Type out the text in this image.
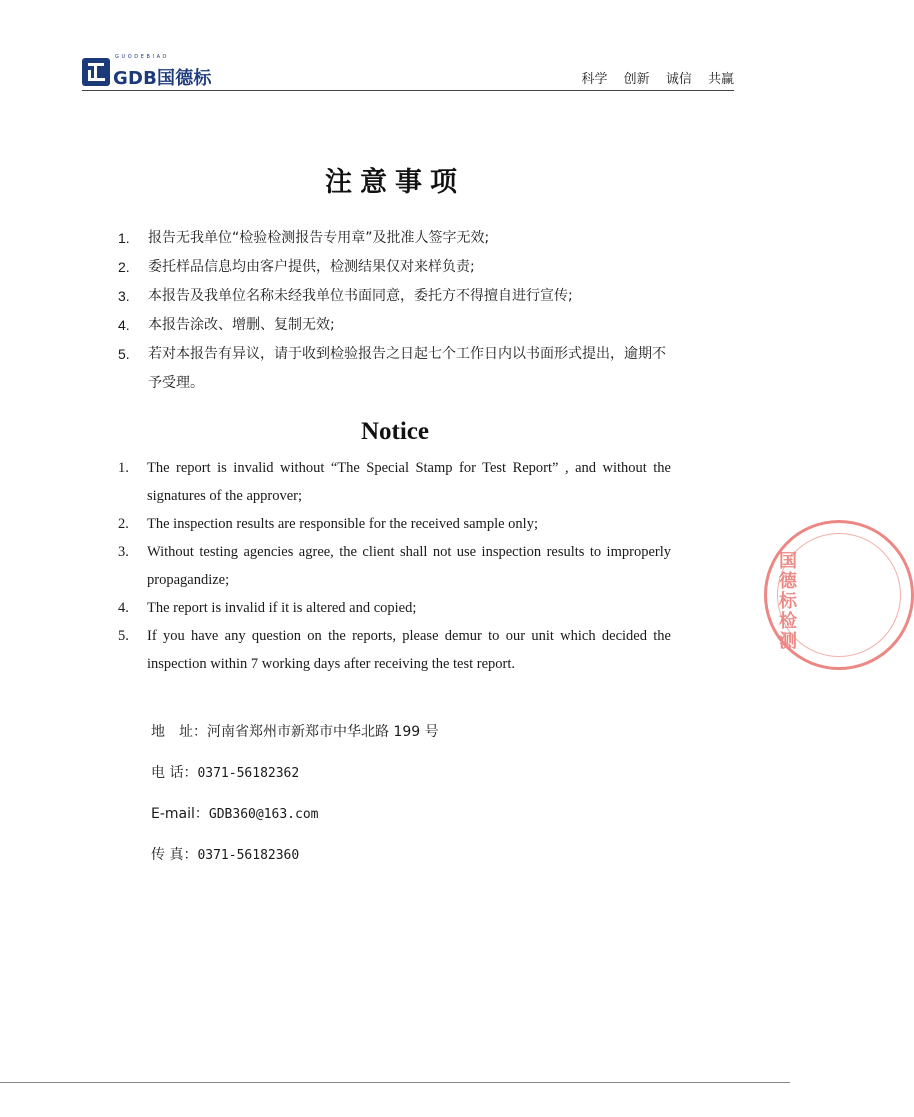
GUODEBIAO
GDB国德标	科学 创新 诚信 共赢
注意事项
1.	报告无我单位“检验检测报告专用章”及批准人签字无效;
2.	委托样品信息均由客户提供，检测结果仅对来样负责;
3.	本报告及我单位名称未经我单位书面同意，委托方不得擅自进行宣传;
4.	本报告涂改、增删、复制无效;
5.	若对本报告有异议，请于收到检验报告之日起七个工作日内以书面形式提出，逾期不予受理。
Notice
1.	The report is invalid without “The Special Stamp for Test Report” , and without the signatures of the approver;
2.	The inspection results are responsible for the received sample only;
3.	Without testing agencies agree, the client shall not use inspection results to improperly propagandize;
4.	The report is invalid if it is altered and copied;
5.	If you have any question on the reports, please demur to our unit which decided the inspection within 7 working days after receiving the test report.
地　址：河南省郑州市新郑市中华北路 199 号
电 话：0371-56182362
E-mail：GDB360@163.com
传 真：0371-56182360
国德标检测
